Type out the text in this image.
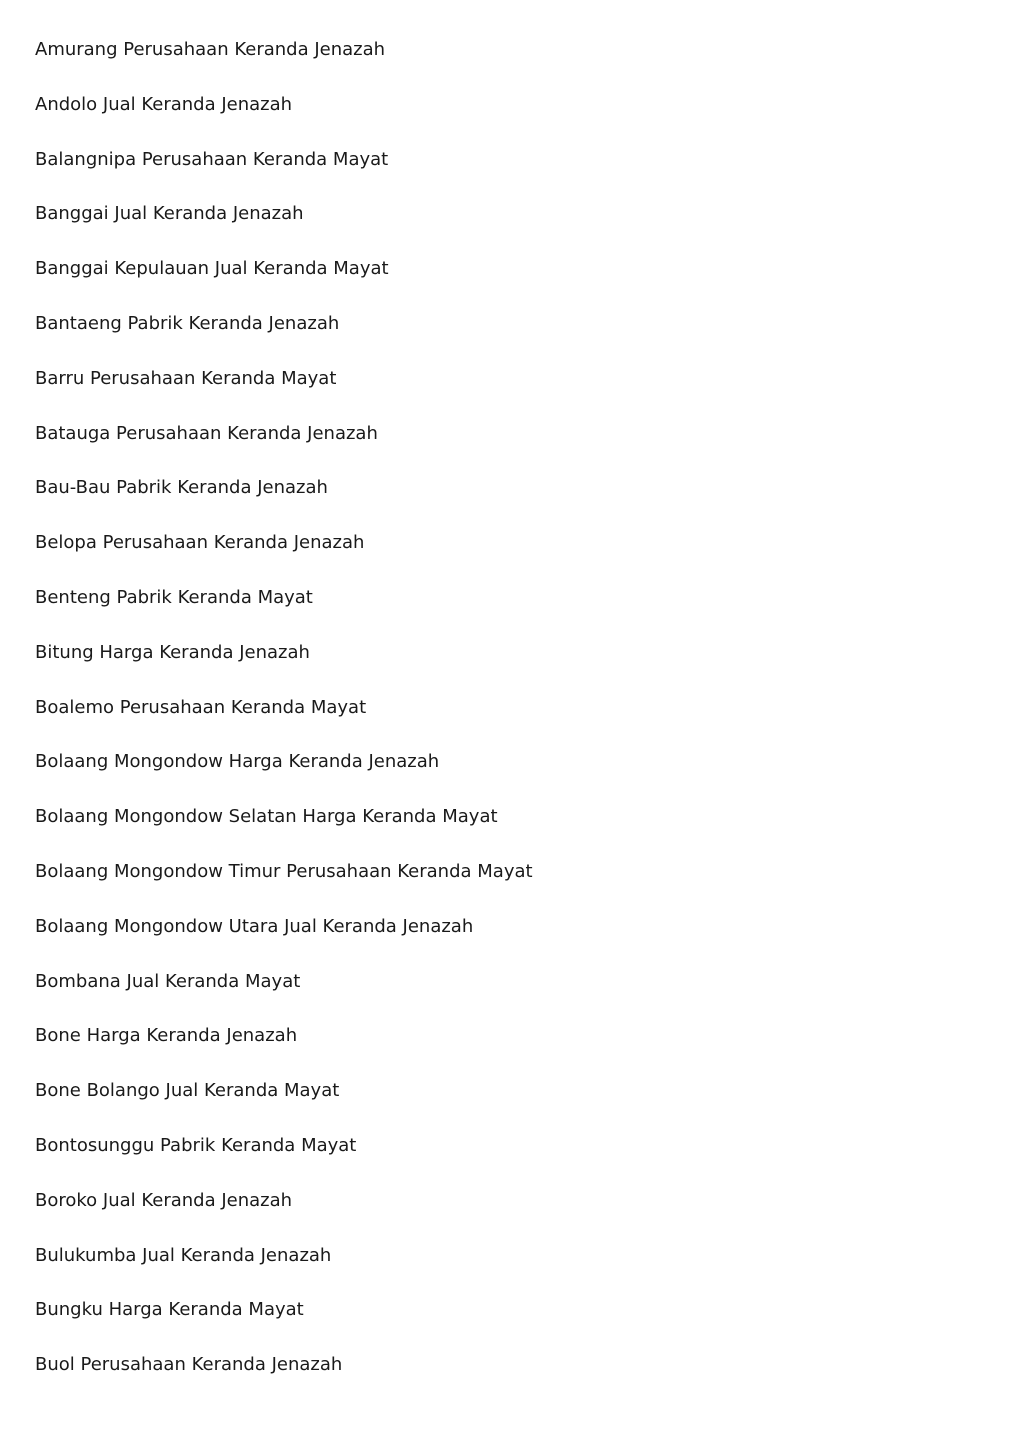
Amurang Perusahaan Keranda Jenazah
Andolo Jual Keranda Jenazah
Balangnipa Perusahaan Keranda Mayat
Banggai Jual Keranda Jenazah
Banggai Kepulauan Jual Keranda Mayat
Bantaeng Pabrik Keranda Jenazah
Barru Perusahaan Keranda Mayat
Batauga Perusahaan Keranda Jenazah
Bau-Bau Pabrik Keranda Jenazah
Belopa Perusahaan Keranda Jenazah
Benteng Pabrik Keranda Mayat
Bitung Harga Keranda Jenazah
Boalemo Perusahaan Keranda Mayat
Bolaang Mongondow Harga Keranda Jenazah
Bolaang Mongondow Selatan Harga Keranda Mayat
Bolaang Mongondow Timur Perusahaan Keranda Mayat
Bolaang Mongondow Utara Jual Keranda Jenazah
Bombana Jual Keranda Mayat
Bone Harga Keranda Jenazah
Bone Bolango Jual Keranda Mayat
Bontosunggu Pabrik Keranda Mayat
Boroko Jual Keranda Jenazah
Bulukumba Jual Keranda Jenazah
Bungku Harga Keranda Mayat
Buol Perusahaan Keranda Jenazah
